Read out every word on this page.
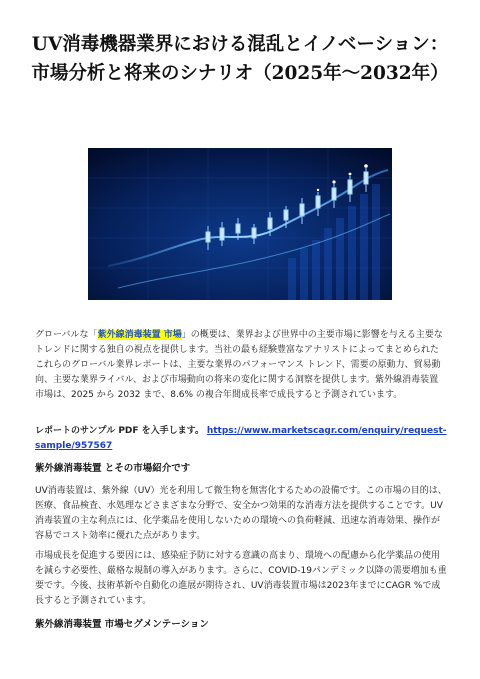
UV消毒機器業界における混乱とイノベーション：市場分析と将来のシナリオ（2025年〜2032年）

グローバルな「紫外線消毒装置 市場」の概要は、業界および世界中の主要市場に影響を与える主要なトレンドに関する独自の視点を提供します。当社の最も経験豊富なアナリストによってまとめられたこれらのグローバル業界レポートは、主要な業界のパフォーマンス トレンド、需要の原動力、貿易動向、主要な業界ライバル、および市場動向の将来の変化に関する洞察を提供します。紫外線消毒装置 市場は、2025 から 2032 まで、8.6% の複合年間成長率で成長すると予測されています。

レポートのサンプル PDF を入手します。 https://www.marketscagr.com/enquiry/request-sample/957567

紫外線消毒装置 とその市場紹介です

UV消毒装置は、紫外線（UV）光を利用して微生物を無害化するための設備です。この市場の目的は、医療、食品検査、水処理などさまざまな分野で、安全かつ効果的な消毒方法を提供することです。UV消毒装置の主な利点には、化学薬品を使用しないための環境への負荷軽減、迅速な消毒効果、操作が容易でコスト効率に優れた点があります。

市場成長を促進する要因には、感染症予防に対する意識の高まり、環境への配慮から化学薬品の使用を減らす必要性、厳格な規制の導入があります。さらに、COVID-19パンデミック以降の需要増加も重要です。今後、技術革新や自動化の進展が期待され、UV消毒装置市場は2023年までにCAGR %で成長すると予測されています。

紫外線消毒装置 市場セグメンテーション
